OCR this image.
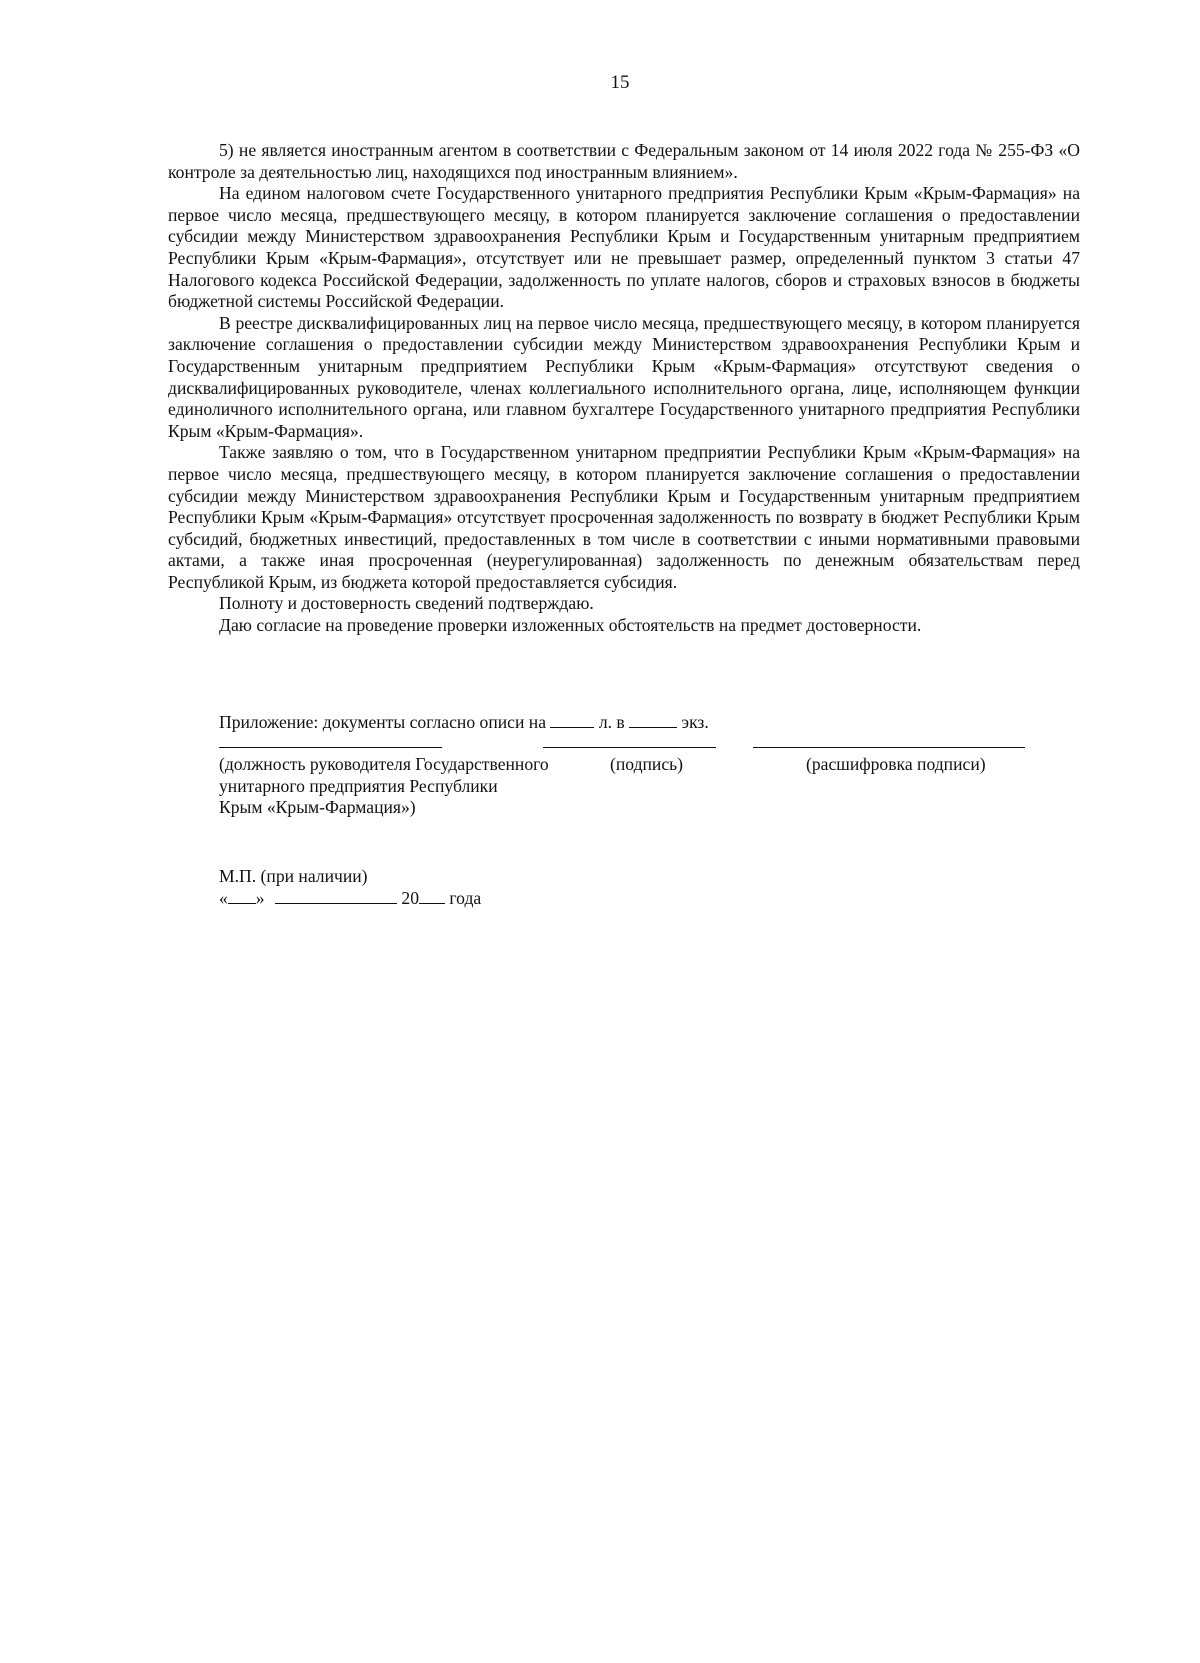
15

5) не является иностранным агентом в соответствии с Федеральным законом от 14 июля 2022 года № 255-ФЗ «О контроле за деятельностью лиц, находящихся под иностранным влиянием».

На едином налоговом счете Государственного унитарного предприятия Республики Крым «Крым-Фармация» на первое число месяца, предшествующего месяцу, в котором планируется заключение соглашения о предоставлении субсидии между Министерством здравоохранения Республики Крым и Государственным унитарным предприятием Республики Крым «Крым-Фармация», отсутствует или не превышает размер, определенный пунктом 3 статьи 47 Налогового кодекса Российской Федерации, задолженность по уплате налогов, сборов и страховых взносов в бюджеты бюджетной системы Российской Федерации.

В реестре дисквалифицированных лиц на первое число месяца, предшествующего месяцу, в котором планируется заключение соглашения о предоставлении субсидии между Министерством здравоохранения Республики Крым и Государственным унитарным предприятием Республики Крым «Крым-Фармация» отсутствуют сведения о дисквалифицированных руководителе, членах коллегиального исполнительного органа, лице, исполняющем функции единоличного исполнительного органа, или главном бухгалтере Государственного унитарного предприятия Республики Крым «Крым-Фармация».

Также заявляю о том, что в Государственном унитарном предприятии Республики Крым «Крым-Фармация» на первое число месяца, предшествующего месяцу, в котором планируется заключение соглашения о предоставлении субсидии между Министерством здравоохранения Республики Крым и Государственным унитарным предприятием Республики Крым «Крым-Фармация» отсутствует просроченная задолженность по возврату в бюджет Республики Крым субсидий, бюджетных инвестиций, предоставленных в том числе в соответствии с иными нормативными правовыми актами, а также иная просроченная (неурегулированная) задолженность по денежным обязательствам перед Республикой Крым, из бюджета которой предоставляется субсидия.

Полноту и достоверность сведений подтверждаю.

Даю согласие на проведение проверки изложенных обстоятельств на предмет достоверности.

Приложение: документы согласно описи на	л. в	экз.
(должность руководителя Государственного
унитарного предприятия Республики
Крым «Крым-Фармация»)
(подпись)	(расшифровка подписи)
М.П. (при наличии)
« »	20 года
